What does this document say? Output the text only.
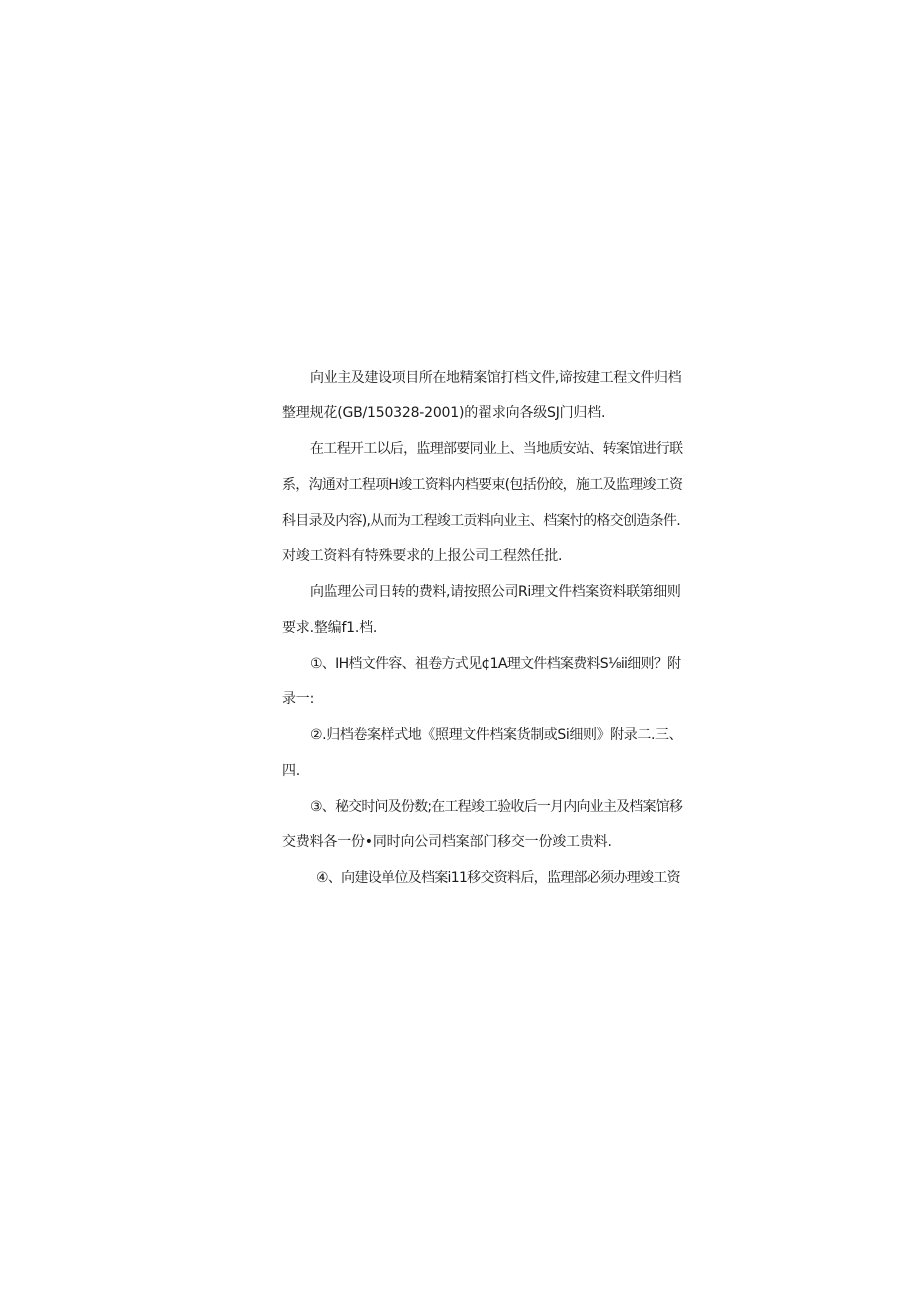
向业主及建设项目所在地精案馆打档文件,谛按建工程文件归档
整理规花(GB/150328-2001)的翟求向各级SJ门归档.
在工程开工以后，监理部要同业上、当地质安站、转案馆进行联
系，沟通对工程项H竣工资料内档要束(包括份皎，施工及监理竣工资
科目录及内容),从而为工程竣工贡料向业主、档案忖的格交创造条件.
对竣工资料有特殊要求的上报公司工程然任批.
向监理公司日转的费料,请按照公司Ri理文件档案资料联第细则
要求.整编f1.档.
①、IH档文件容、祖卷方式见¢1A理文件档案费料S⅛ii细则？附
录一:
②.归档卷案样式地《照理文件档案货制或Si细则》附录二.三、
四.
③、秘交时问及份数;在工程竣工验收后一月内向业主及档案馆移
交费料各一份•同时向公司档案部门移交一份竣工贵料.
④、向建设单位及档案i11移交资料后，监理部必须办理竣工资
